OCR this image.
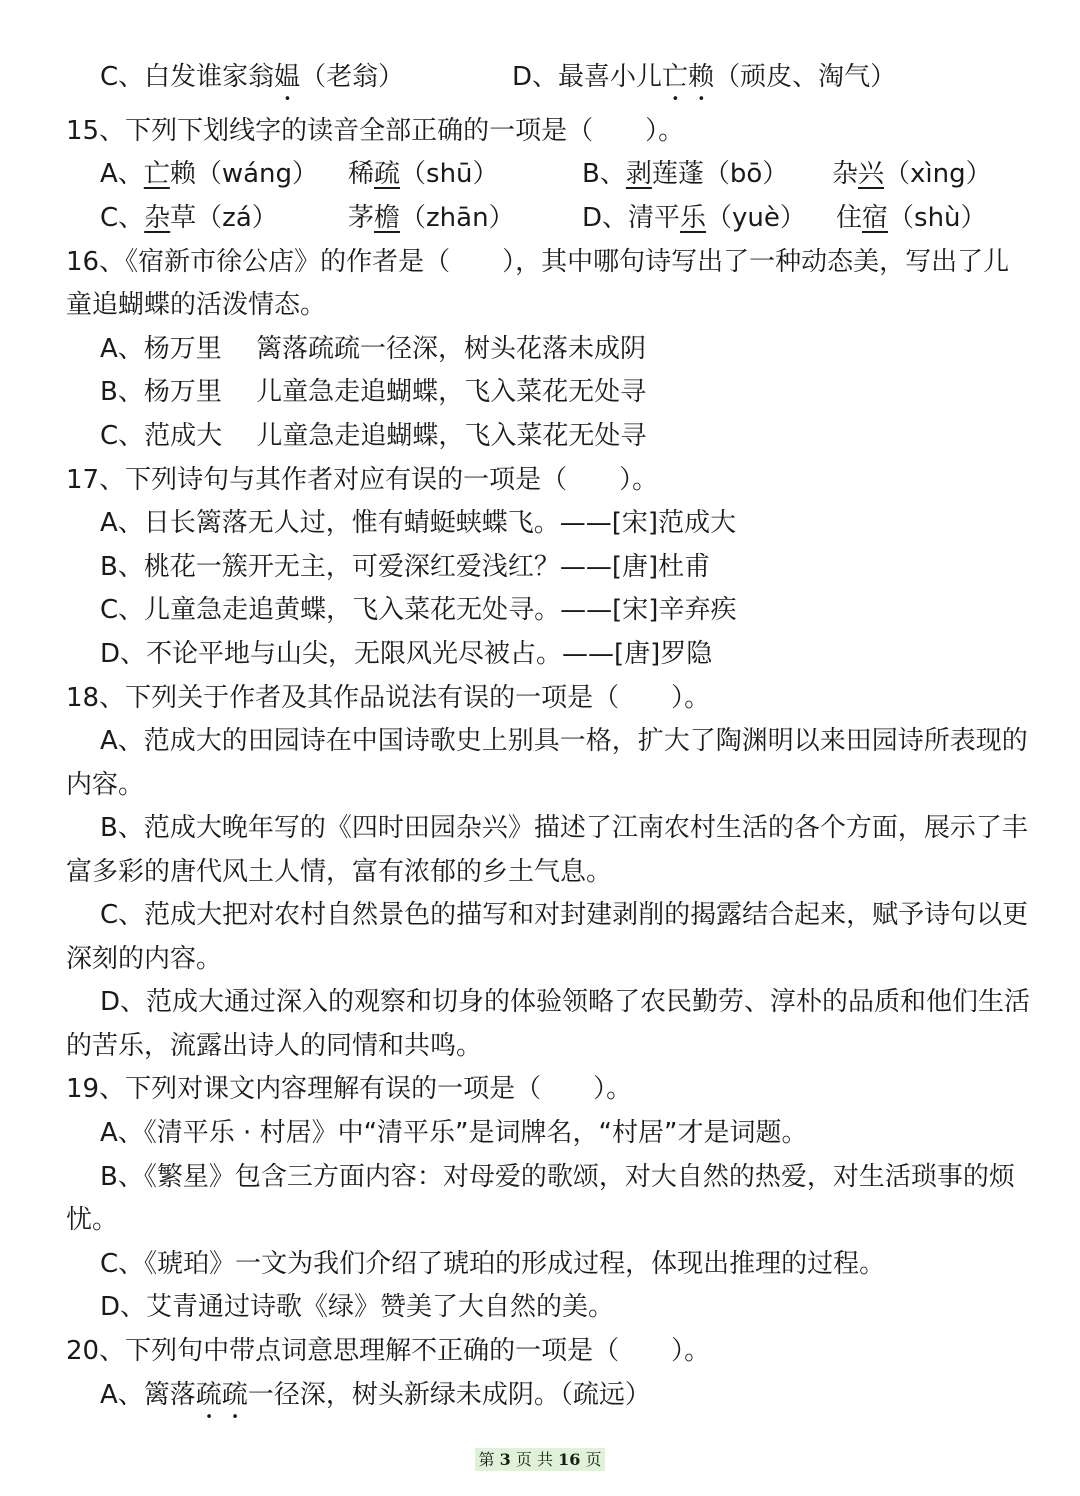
C、白发谁家翁媪（老翁）	D、最喜小儿亡赖（顽皮、淘气）
15、下列下划线字的读音全部正确的一项是（　　）。
A、亡赖（wáng） 稀疏（shū）	B、剥莲蓬（bō） 杂兴（xìng）
C、杂草（zá）	茅檐（zhān）	D、清平乐（yuè） 住宿（shù）
16、《宿新市徐公店》的作者是（　　），其中哪句诗写出了一种动态美，写出了儿
童追蝴蝶的活泼情态。
A、杨万里　 篱落疏疏一径深，树头花落未成阴
B、杨万里　 儿童急走追蝴蝶，飞入菜花无处寻
C、范成大　 儿童急走追蝴蝶，飞入菜花无处寻
17、下列诗句与其作者对应有误的一项是（　　）。
A、日长篱落无人过，惟有蜻蜓蛱蝶飞。——[宋]范成大
B、桃花一簇开无主，可爱深红爱浅红？——[唐]杜甫
C、儿童急走追黄蝶，飞入菜花无处寻。——[宋]辛弃疾
D、不论平地与山尖，无限风光尽被占。——[唐]罗隐
18、下列关于作者及其作品说法有误的一项是（　　）。
A、范成大的田园诗在中国诗歌史上别具一格，扩大了陶渊明以来田园诗所表现的
内容。
B、范成大晚年写的《四时田园杂兴》描述了江南农村生活的各个方面，展示了丰
富多彩的唐代风土人情，富有浓郁的乡土气息。
C、范成大把对农村自然景色的描写和对封建剥削的揭露结合起来，赋予诗句以更
深刻的内容。
D、范成大通过深入的观察和切身的体验领略了农民勤劳、淳朴的品质和他们生活
的苦乐，流露出诗人的同情和共鸣。
19、下列对课文内容理解有误的一项是（　　）。
A、《清平乐 · 村居》中“清平乐”是词牌名，“村居”才是词题。
B、《繁星》包含三方面内容：对母爱的歌颂，对大自然的热爱，对生活琐事的烦
忧。
C、《琥珀》一文为我们介绍了琥珀的形成过程，体现出推理的过程。
D、艾青通过诗歌《绿》赞美了大自然的美。
20、下列句中带点词意思理解不正确的一项是（　　）。
A、篱落疏疏一径深，树头新绿未成阴。（疏远）
第 3 页 共 16 页
